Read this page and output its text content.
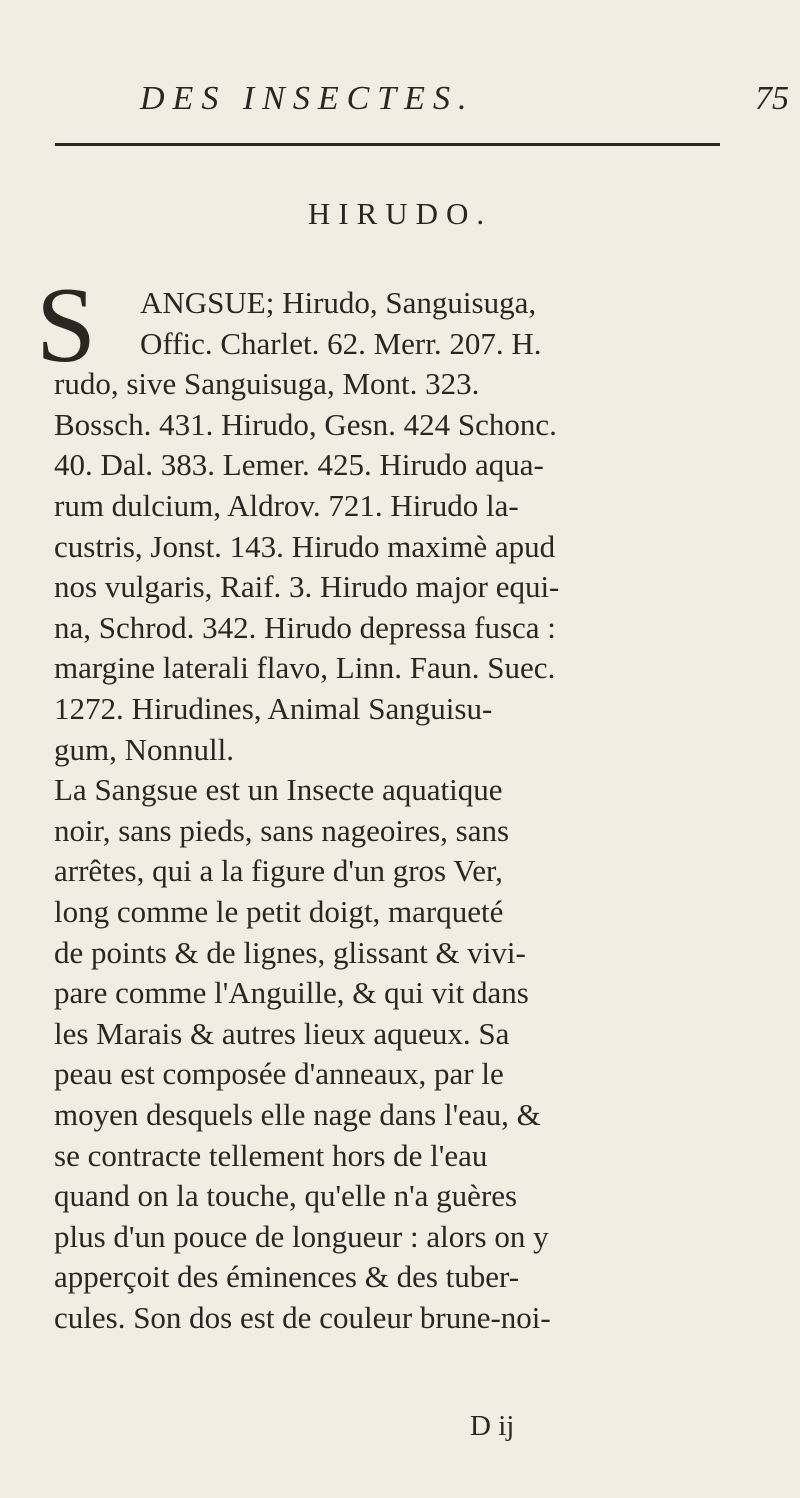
DES INSECTES.	75
HIRUDO.
S ANGSUE; Hirudo, Sanguisuga,
Offic. Charlet. 62. Merr. 207. H.
rudo, sive Sanguisuga, Mont. 323.
Bossch. 431. Hirudo, Gesn. 424 Schonc.
40. Dal. 383. Lemer. 425. Hirudo aqua-
rum dulcium, Aldrov. 721. Hirudo la-
custris, Jonst. 143. Hirudo maximè apud
nos vulgaris, Raif. 3. Hirudo major equi-
na, Schrod. 342. Hirudo depressa fusca :
margine laterali flavo, Linn. Faun. Suec.
1272. Hirudines, Animal Sanguisu-
gum, Nonnull.
La Sangsue est un Insecte aquatique
noir, sans pieds, sans nageoires, sans
arrêtes, qui a la figure d'un gros Ver,
long comme le petit doigt, marqueté
de points & de lignes, glissant & vivi-
pare comme l'Anguille, & qui vit dans
les Marais & autres lieux aqueux. Sa
peau est composée d'anneaux, par le
moyen desquels elle nage dans l'eau, &
se contracte tellement hors de l'eau
quand on la touche, qu'elle n'a guères
plus d'un pouce de longueur : alors on y
apperçoit des éminences & des tuber-
cules. Son dos est de couleur brune-noi-
D ij
